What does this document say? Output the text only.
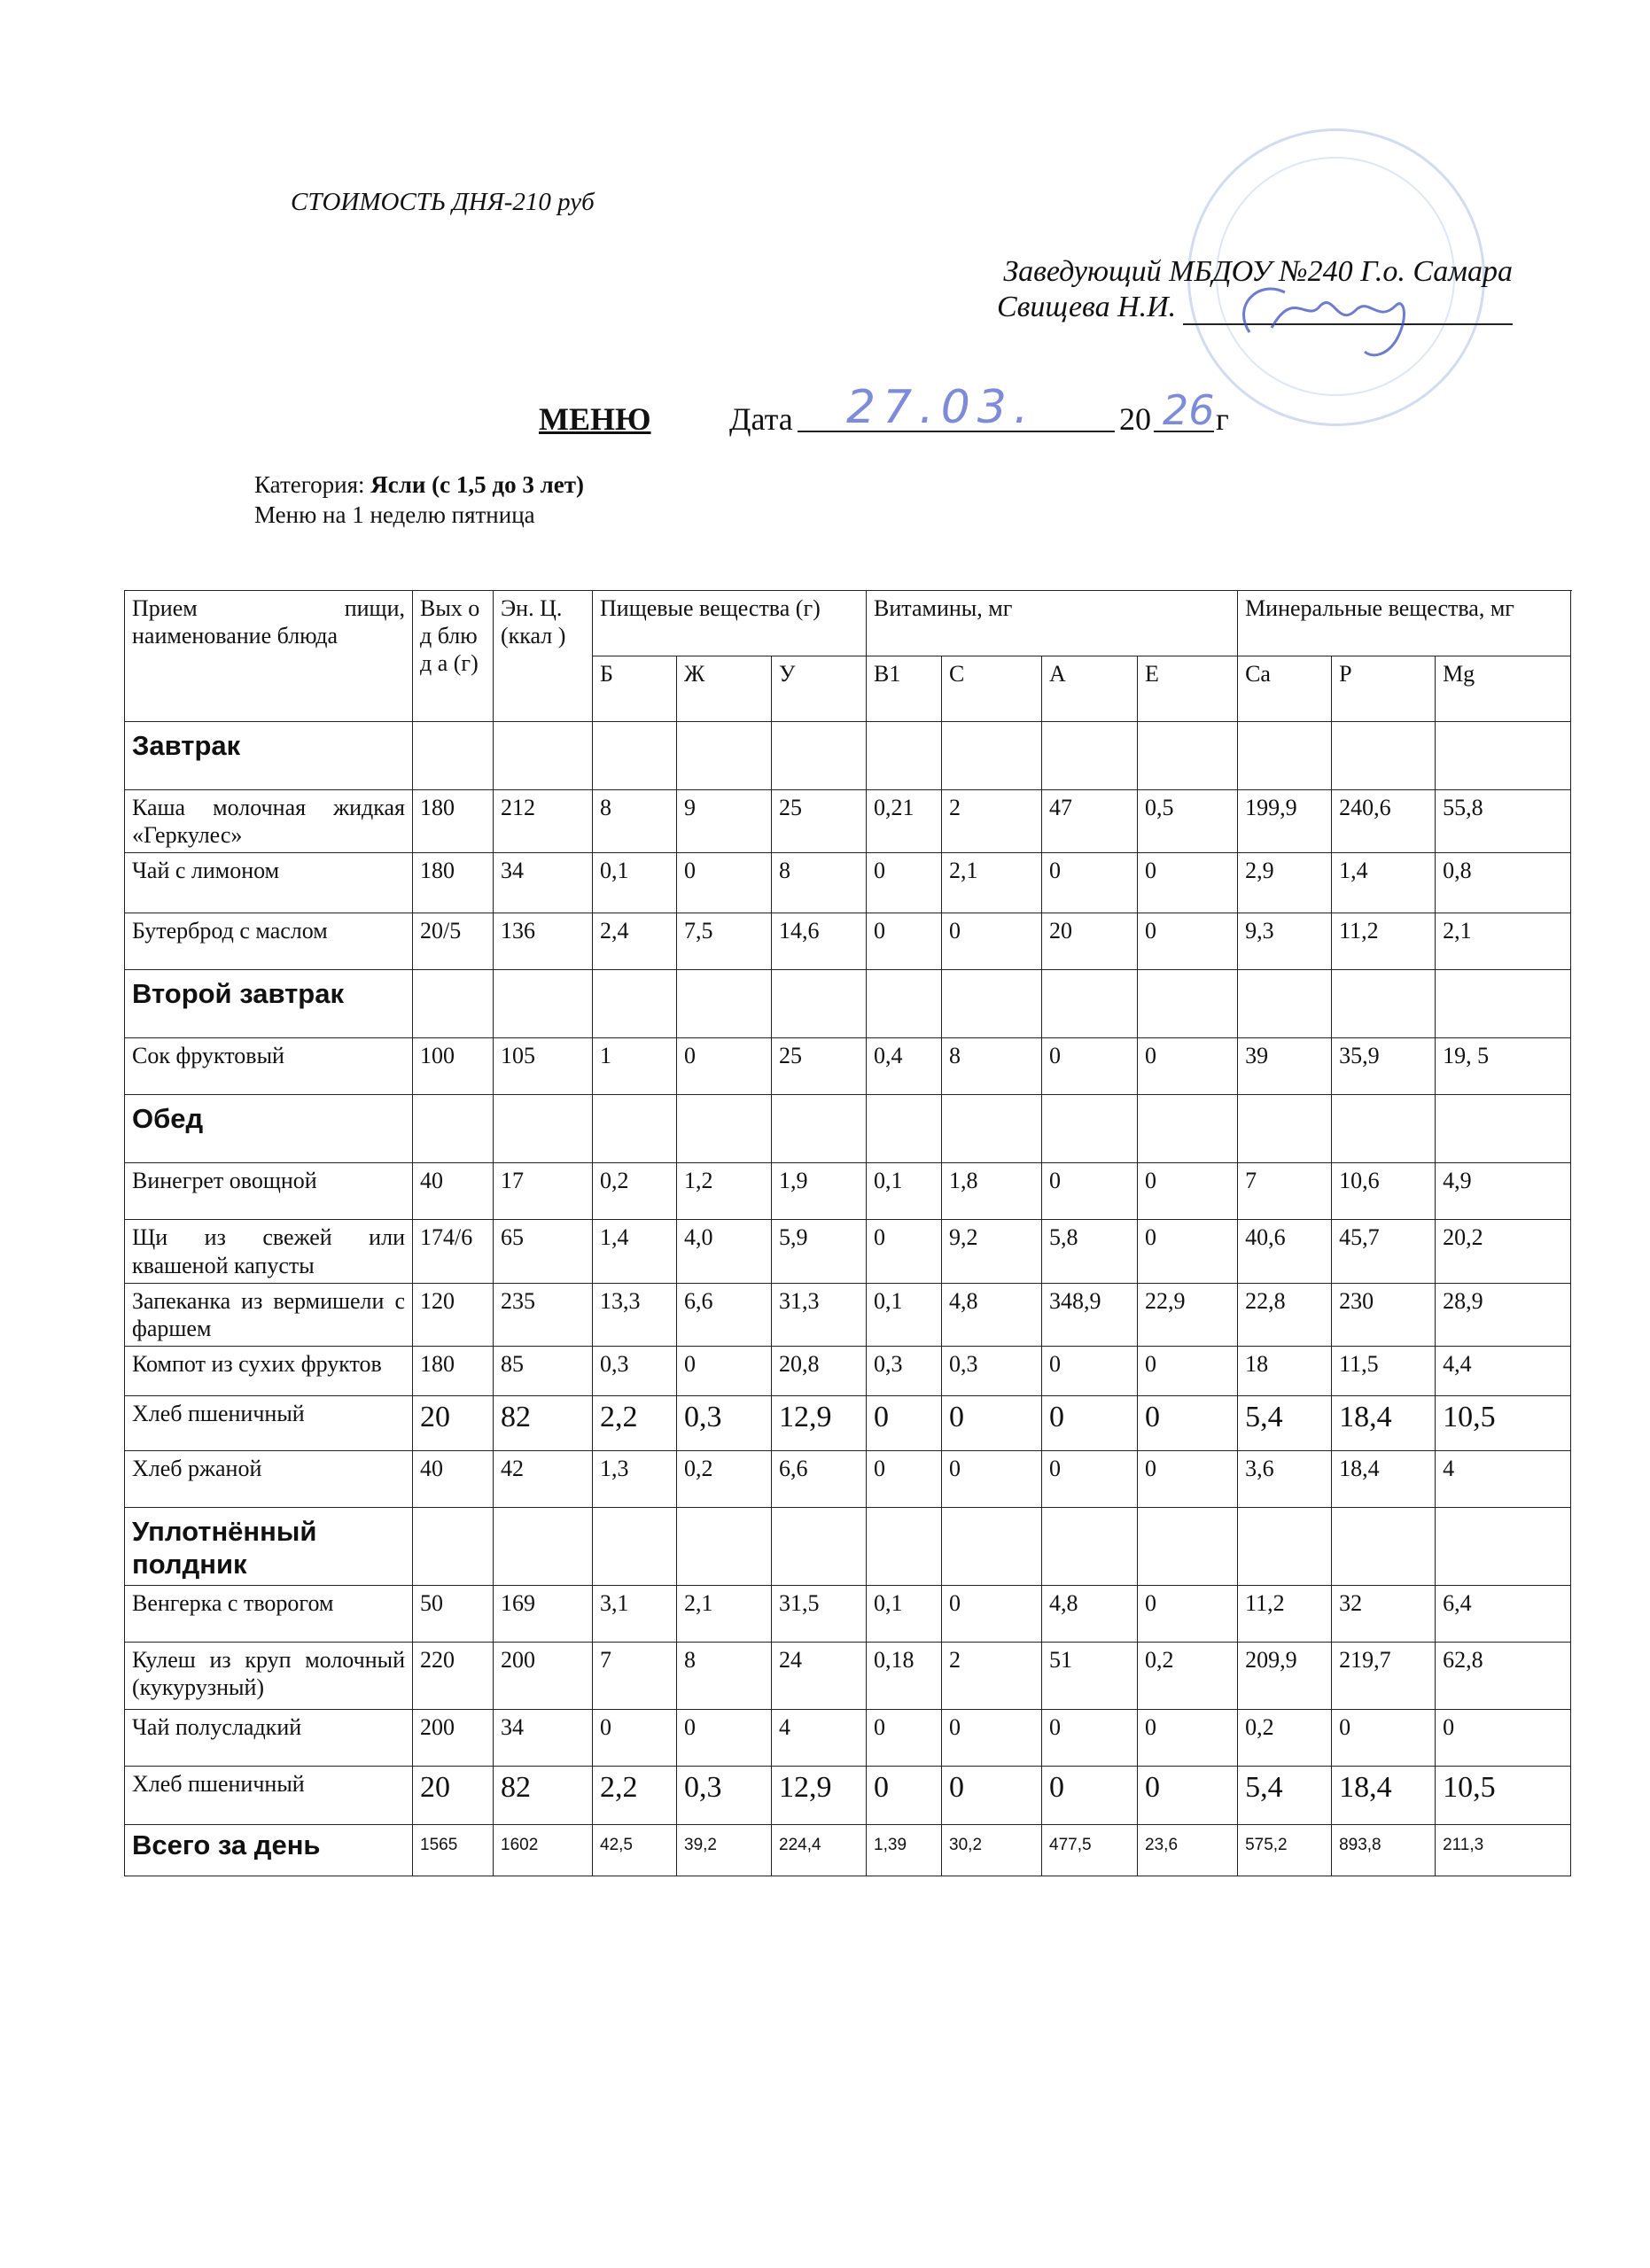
СТОИМОСТЬ ДНЯ-210 руб
Заведующий МБДОУ №240 Г.о. Самара
Свищева Н.И.
МЕНЮ Дата 27.03.	20 26 г
Категория: Ясли (с 1,5 до 3 лет)
Меню на 1 неделю пятница
Прием пищи, наименование блюда	Вых од блюд а (г)	Эн. Ц. (ккал )	Пищевые вещества (г)			Витамины, мг				Минеральные вещества, мг			
			Б	Ж	У	B1	С	А	Е	Са	Р	Mg	
Завтрак													
Каша молочная жидкая «Геркулес»	180	212	8	9	25	0,21	2	47	0,5	199,9	240,6	55,8	
Чай с лимоном	180	34	0,1	0	8	0	2,1	0	0	2,9	1,4	0,8	
Бутерброд с маслом	20/5	136	2,4	7,5	14,6	0	0	20	0	9,3	11,2	2,1	
Второй завтрак													
Сок фруктовый	100	105	1	0	25	0,4	8	0	0	39	35,9	19, 5	
Обед													
Винегрет овощной	40	17	0,2	1,2	1,9	0,1	1,8	0	0	7	10,6	4,9	
Щи из свежей или квашеной капусты	174/6	65	1,4	4,0	5,9	0	9,2	5,8	0	40,6	45,7	20,2	
Запеканка из вермишели с фаршем	120	235	13,3	6,6	31,3	0,1	4,8	348,9	22,9	22,8	230	28,9	
Компот из сухих фруктов	180	85	0,3	0	20,8	0,3	0,3	0	0	18	11,5	4,4	
Хлеб пшеничный	20	82	2,2	0,3	12,9	0	0	0	0	5,4	18,4	10,5	
Хлеб ржаной	40	42	1,3	0,2	6,6	0	0	0	0	3,6	18,4	4	
Уплотнённый полдник													
Венгерка с творогом	50	169	3,1	2,1	31,5	0,1	0	4,8	0	11,2	32	6,4	
Кулеш из круп молочный (кукурузный)	220	200	7	8	24	0,18	2	51	0,2	209,9	219,7	62,8	
Чай полусладкий	200	34	0	0	4	0	0	0	0	0,2	0	0	
Хлеб пшеничный	20	82	2,2	0,3	12,9	0	0	0	0	5,4	18,4	10,5	
Всего за день	1565	1602	42,5	39,2	224,4	1,39	30,2	477,5	23,6	575,2	893,8	211,3	
